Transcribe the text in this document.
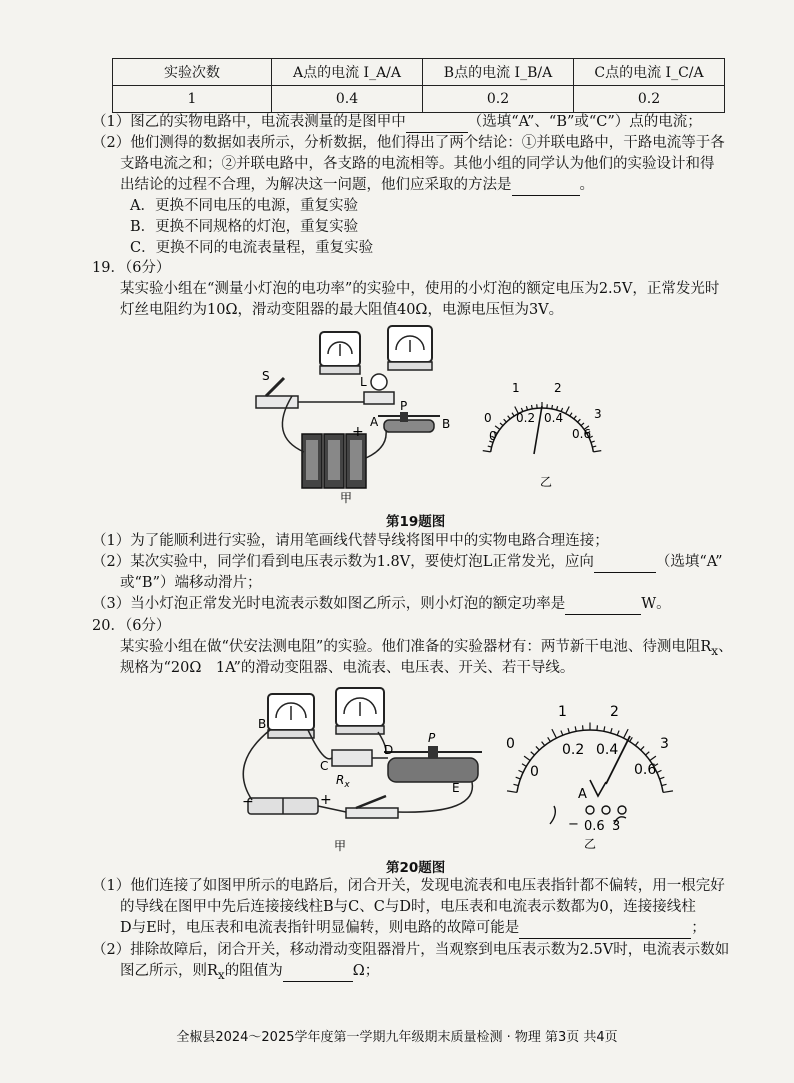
实验次数	A点的电流 I_A/A	B点的电流 I_B/A	C点的电流 I_C/A
1	0.4	0.2	0.2
（1）图乙的实物电路中，电流表测量的是图甲中	（选填“A”、“B”或“C”）点的电流；
（2）他们测得的数据如表所示，分析数据，他们得出了两个结论：①并联电路中，干路电流等于各
支路电流之和；②并联电路中，各支路的电流相等。其他小组的同学认为他们的实验设计和得
出结论的过程不合理，为解决这一问题，他们应采取的方法是	。
A．更换不同电压的电源，重复实验
B．更换不同规格的灯泡，重复实验
C．更换不同的电流表量程，重复实验
19．（6分）
某实验小组在“测量小灯泡的电功率”的实验中，使用的小灯泡的额定电压为2.5V，正常发光时
灯丝电阻约为10Ω，滑动变阻器的最大阻值40Ω，电源电压恒为3V。
S	L
P
A	B
+
甲
0
1	2
3
0
0.2 0.4
0.6
乙
第19题图
（1）为了能顺利进行实验，请用笔画线代替导线将图甲中的实物电路合理连接；
（2）某次实验中，同学们看到电压表示数为1.8V，要使灯泡L正常发光，应向	（选填“A”
或“B”）端移动滑片；
（3）当小灯泡正常发光时电流表示数如图乙所示，则小灯泡的额定功率是	W。
20．（6分）
某实验小组在做“伏安法测电阻”的实验。他们准备的实验器材有：两节新干电池、待测电阻$R_x$、
规格为“20Ω　1A”的滑动变阻器、电流表、电压表、开关、若干导线。
B
C
D
P
E
$R_x$
−	+
甲
0
1	2
3
0
0.2 0.4
0.6
A
− 0.6 3
乙
第20题图
（1）他们连接了如图甲所示的电路后，闭合开关，发现电流表和电压表指针都不偏转，用一根完好
的导线在图甲中先后连接接线柱B与C、C与D时，电压表和电流表示数都为0，连接接线柱
D与E时，电压表和电流表指针明显偏转，则电路的故障可能是	；
（2）排除故障后，闭合开关，移动滑动变阻器滑片，当观察到电压表示数为2.5V时，电流表示数如
图乙所示，则$R_x$的阻值为	Ω；
全椒县2024～2025学年度第一学期九年级期末质量检测 · 物理 第3页 共4页
